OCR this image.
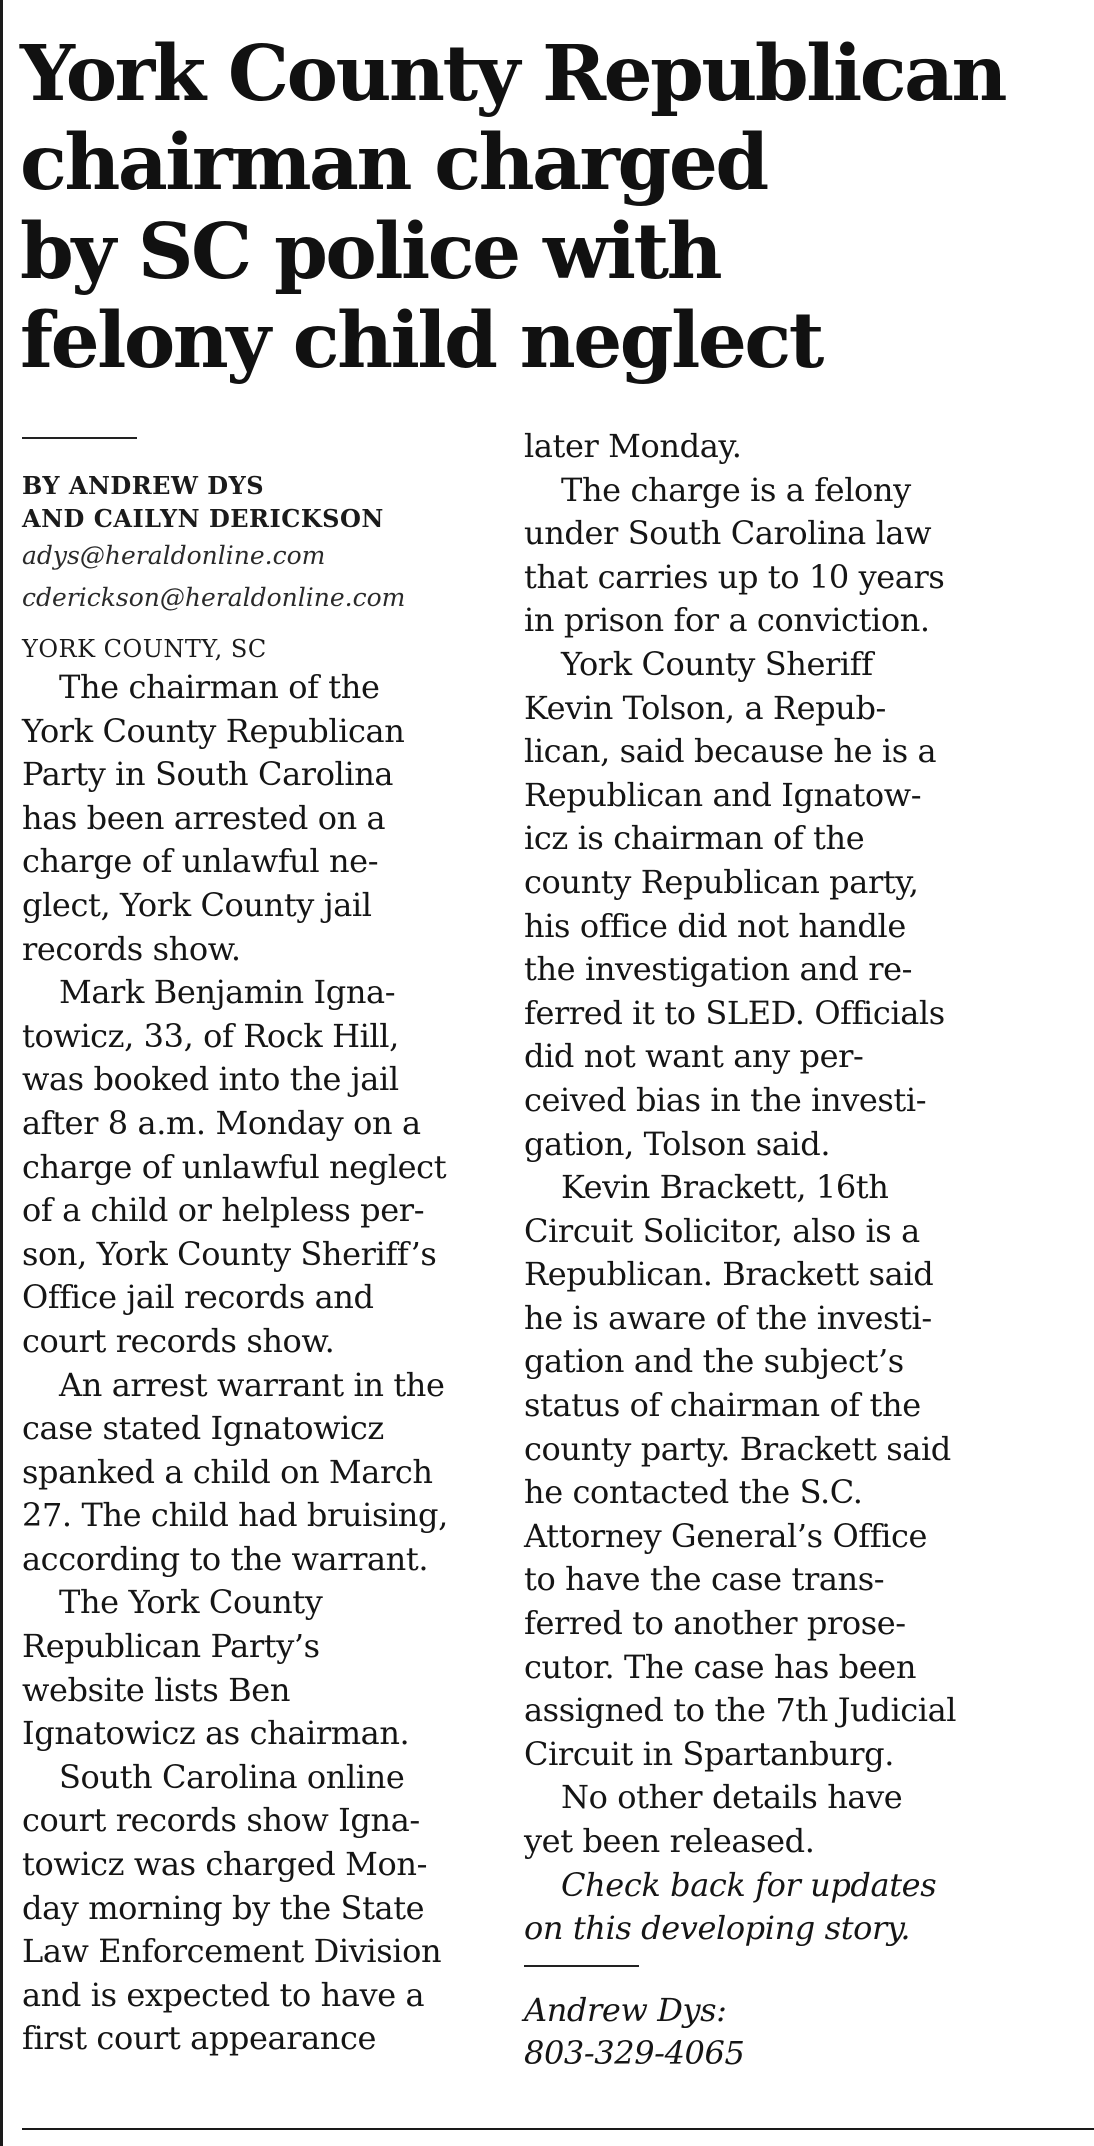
York County Republican
chairman charged
by SC police with
felony child neglect
BY ANDREW DYS
AND CAILYN DERICKSON
adys@heraldonline.com
cderickson@heraldonline.com
YORK COUNTY, SC
The chairman of the
York County Republican
Party in South Carolina
has been arrested on a
charge of unlawful ne-
glect, York County jail
records show.
Mark Benjamin Igna-
towicz, 33, of Rock Hill,
was booked into the jail
after 8 a.m. Monday on a
charge of unlawful neglect
of a child or helpless per-
son, York County Sheriff’s
Office jail records and
court records show.
An arrest warrant in the
case stated Ignatowicz
spanked a child on March
27. The child had bruising,
according to the warrant.
The York County
Republican Party’s
website lists Ben
Ignatowicz as chairman.
South Carolina online
court records show Igna-
towicz was charged Mon-
day morning by the State
Law Enforcement Division
and is expected to have a
first court appearance
later Monday.
The charge is a felony
under South Carolina law
that carries up to 10 years
in prison for a conviction.
York County Sheriff
Kevin Tolson, a Repub-
lican, said because he is a
Republican and Ignatow-
icz is chairman of the
county Republican party,
his office did not handle
the investigation and re-
ferred it to SLED. Officials
did not want any per-
ceived bias in the investi-
gation, Tolson said.
Kevin Brackett, 16th
Circuit Solicitor, also is a
Republican. Brackett said
he is aware of the investi-
gation and the subject’s
status of chairman of the
county party. Brackett said
he contacted the S.C.
Attorney General’s Office
to have the case trans-
ferred to another prose-
cutor. The case has been
assigned to the 7th Judicial
Circuit in Spartanburg.
No other details have
yet been released.
Check back for updates
on this developing story.
Andrew Dys:
803-329-4065
